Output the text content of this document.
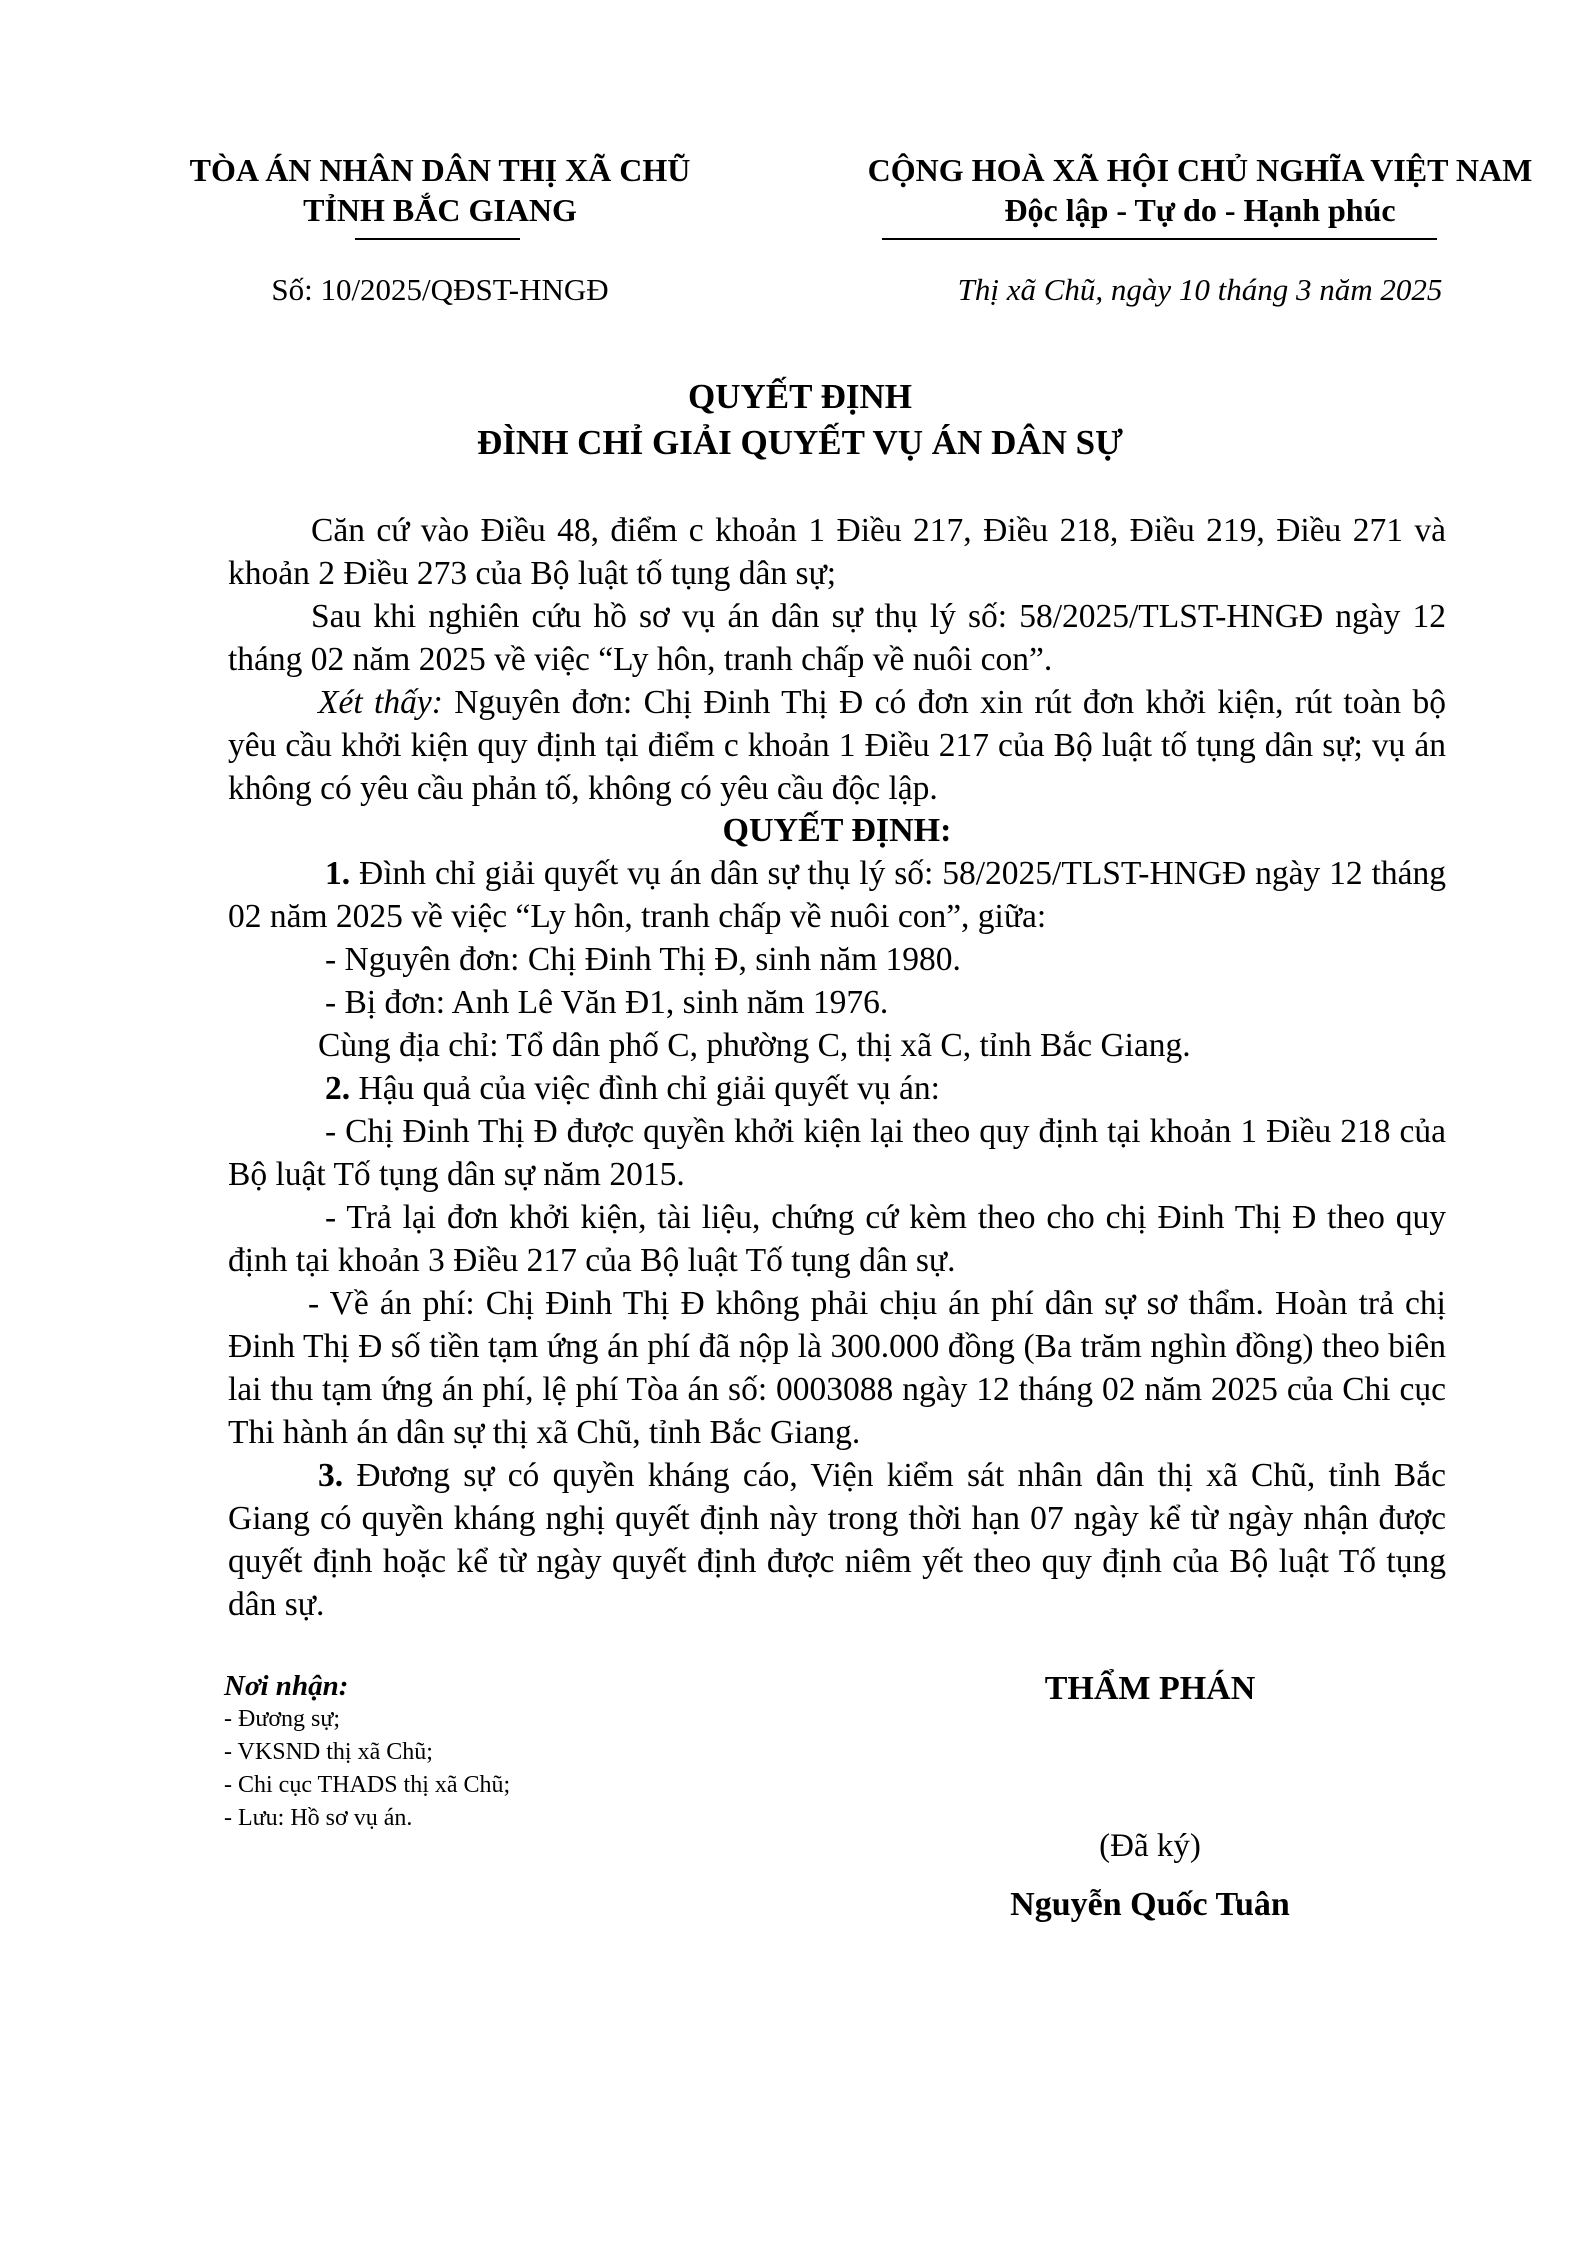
TÒA ÁN NHÂN DÂN THỊ XÃ CHŨ
TỈNH BẮC GIANG
CỘNG HOÀ XÃ HỘI CHỦ NGHĨA VIỆT NAM
Độc lập - Tự do - Hạnh phúc
Số: 10/2025/QĐST-HNGĐ	Thị xã Chũ, ngày 10 tháng 3 năm 2025
QUYẾT ĐỊNH
ĐÌNH CHỈ GIẢI QUYẾT VỤ ÁN DÂN SỰ

Căn cứ vào Điều 48, điểm c khoản 1 Điều 217, Điều 218, Điều 219, Điều 271 và khoản 2 Điều 273 của Bộ luật tố tụng dân sự;

Sau khi nghiên cứu hồ sơ vụ án dân sự thụ lý số: 58/2025/TLST-HNGĐ ngày 12 tháng 02 năm 2025 về việc “Ly hôn, tranh chấp về nuôi con”.

Xét thấy: Nguyên đơn: Chị Đinh Thị Đ có đơn xin rút đơn khởi kiện, rút toàn bộ yêu cầu khởi kiện quy định tại điểm c khoản 1 Điều 217 của Bộ luật tố tụng dân sự; vụ án không có yêu cầu phản tố, không có yêu cầu độc lập.

QUYẾT ĐỊNH:

1. Đình chỉ giải quyết vụ án dân sự thụ lý số: 58/2025/TLST-HNGĐ ngày 12 tháng 02 năm 2025 về việc “Ly hôn, tranh chấp về nuôi con”, giữa:

- Nguyên đơn: Chị Đinh Thị Đ, sinh năm 1980.

- Bị đơn: Anh Lê Văn Đ1, sinh năm 1976.

Cùng địa chỉ: Tổ dân phố C, phường C, thị xã C, tỉnh Bắc Giang.

2. Hậu quả của việc đình chỉ giải quyết vụ án:

- Chị Đinh Thị Đ được quyền khởi kiện lại theo quy định tại khoản 1 Điều 218 của Bộ luật Tố tụng dân sự năm 2015.

- Trả lại đơn khởi kiện, tài liệu, chứng cứ kèm theo cho chị Đinh Thị Đ theo quy định tại khoản 3 Điều 217 của Bộ luật Tố tụng dân sự.

- Về án phí: Chị Đinh Thị Đ không phải chịu án phí dân sự sơ thẩm. Hoàn trả chị Đinh Thị Đ số tiền tạm ứng án phí đã nộp là 300.000 đồng (Ba trăm nghìn đồng) theo biên lai thu tạm ứng án phí, lệ phí Tòa án số: 0003088 ngày 12 tháng 02 năm 2025 của Chi cục Thi hành án dân sự thị xã Chũ, tỉnh Bắc Giang.

3. Đương sự có quyền kháng cáo, Viện kiểm sát nhân dân thị xã Chũ, tỉnh Bắc Giang có quyền kháng nghị quyết định này trong thời hạn 07 ngày kể từ ngày nhận được quyết định hoặc kể từ ngày quyết định được niêm yết theo quy định của Bộ luật Tố tụng dân sự.

Nơi nhận:
- Đương sự;
- VKSND thị xã Chũ;
- Chi cục THADS thị xã Chũ;
- Lưu: Hồ sơ vụ án.
THẨM PHÁN
(Đã ký)
Nguyễn Quốc Tuân
